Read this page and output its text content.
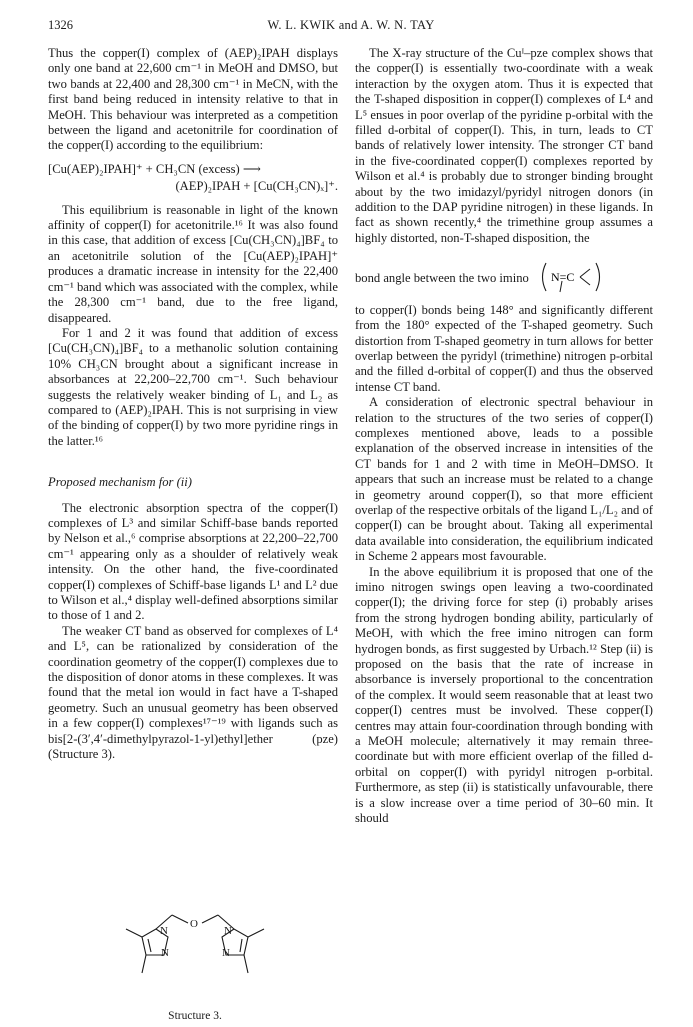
1326	W. L. KWIK and A. W. N. TAY

Thus the copper(I) complex of (AEP)₂IPAH displays only one band at 22,600 cm⁻¹ in MeOH and DMSO, but two bands at 22,400 and 28,300 cm⁻¹ in MeCN, with the first band being reduced in intensity relative to that in MeOH. This behaviour was interpreted as a competition between the ligand and acetonitrile for coordination of the copper(I) according to the equilibrium:

[Cu(AEP)₂IPAH]⁺ + CH₃CN (excess) ⟶
(AEP)₂IPAH + [Cu(CH₃CN)ₓ]⁺.

This equilibrium is reasonable in light of the known affinity of copper(I) for acetonitrile.¹⁶ It was also found in this case, that addition of excess [Cu(CH₃CN)₄]BF₄ to an acetonitrile solution of the [Cu(AEP)₂IPAH]⁺ produces a dramatic increase in intensity for the 22,400 cm⁻¹ band which was associated with the complex, while the 28,300 cm⁻¹ band, due to the free ligand, disappeared.

For 1 and 2 it was found that addition of excess [Cu(CH₃CN)₄]BF₄ to a methanolic solution containing 10% CH₃CN brought about a significant increase in absorbances at 22,200–22,700 cm⁻¹. Such behaviour suggests the relatively weaker binding of L₁ and L₂ as compared to (AEP)₂IPAH. This is not surprising in view of the binding of copper(I) by two more pyridine rings in the latter.¹⁶

Proposed mechanism for (ii)

The electronic absorption spectra of the copper(I) complexes of L³ and similar Schiff-base bands reported by Nelson et al.,⁶ comprise absorptions at 22,200–22,700 cm⁻¹ appearing only as a shoulder of relatively weak intensity. On the other hand, the five-coordinated copper(I) complexes of Schiff-base ligands L¹ and L² due to Wilson et al.,⁴ display well-defined absorptions similar to those of 1 and 2.

The weaker CT band as observed for complexes of L⁴ and L⁵, can be rationalized by consideration of the coordination geometry of the copper(I) complexes due to the disposition of donor atoms in these complexes. It was found that the metal ion would in fact have a T-shaped geometry. Such an unusual geometry has been observed in a few copper(I) complexes¹⁷⁻¹⁹ with ligands such as bis[2-(3′,4′-dimethylpyrazol-1-yl)ethyl]ether (pze) (Structure 3).

The X-ray structure of the Cuᴵ–pze complex shows that the copper(I) is essentially two-coordinate with a weak interaction by the oxygen atom. Thus it is expected that the T-shaped disposition in copper(I) complexes of L⁴ and L⁵ ensues in poor overlap of the pyridine p-orbital with the filled d-orbital of copper(I). This, in turn, leads to CT bands of relatively lower intensity. The stronger CT band in the five-coordinated copper(I) complexes reported by Wilson et al.⁴ is probably due to stronger binding brought about by the two imidazyl/pyridyl nitrogen donors (in addition to the DAP pyridine nitrogen) in these ligands. In fact as shown recently,⁴ the trimethine group assumes a highly distorted, non-T-shaped disposition, the

bond angle between the two imino N=C

to copper(I) bonds being 148° and significantly different from the 180° expected of the T-shaped geometry. Such distortion from T-shaped geometry in turn allows for better overlap between the pyridyl (trimethine) nitrogen p-orbital and the filled d-orbital of copper(I) and thus the observed intense CT band.

A consideration of electronic spectral behaviour in relation to the structures of the two series of copper(I) complexes mentioned above, leads to a possible explanation of the observed increase in intensities of the CT bands for 1 and 2 with time in MeOH–DMSO. It appears that such an increase must be related to a change in geometry around copper(I), so that more efficient overlap of the respective orbitals of the ligand L₁/L₂ and of copper(I) can be brought about. Taking all experimental data available into consideration, the equilibrium indicated in Scheme 2 appears most favourable.

In the above equilibrium it is proposed that one of the imino nitrogen swings open leaving a two-coordinated copper(I); the driving force for step (i) probably arises from the strong hydrogen bonding ability, particularly of MeOH, with which the free imino nitrogen can form hydrogen bonds, as first suggested by Urbach.¹² Step (ii) is proposed on the basis that the rate of increase in absorbance is inversely proportional to the concentration of the complex. It would seem reasonable that at least two copper(I) centres must be involved. These copper(I) centres may attain four-coordination through bonding with a MeOH molecule; alternatively it may remain three-coordinate but with more efficient overlap of the filled d-orbital on copper(I) with pyridyl nitrogen p-orbital. Furthermore, as step (ii) is statistically unfavourable, there is a slow increase over a time period of 30–60 min. It should

O
N
N
N
N
Structure 3.
